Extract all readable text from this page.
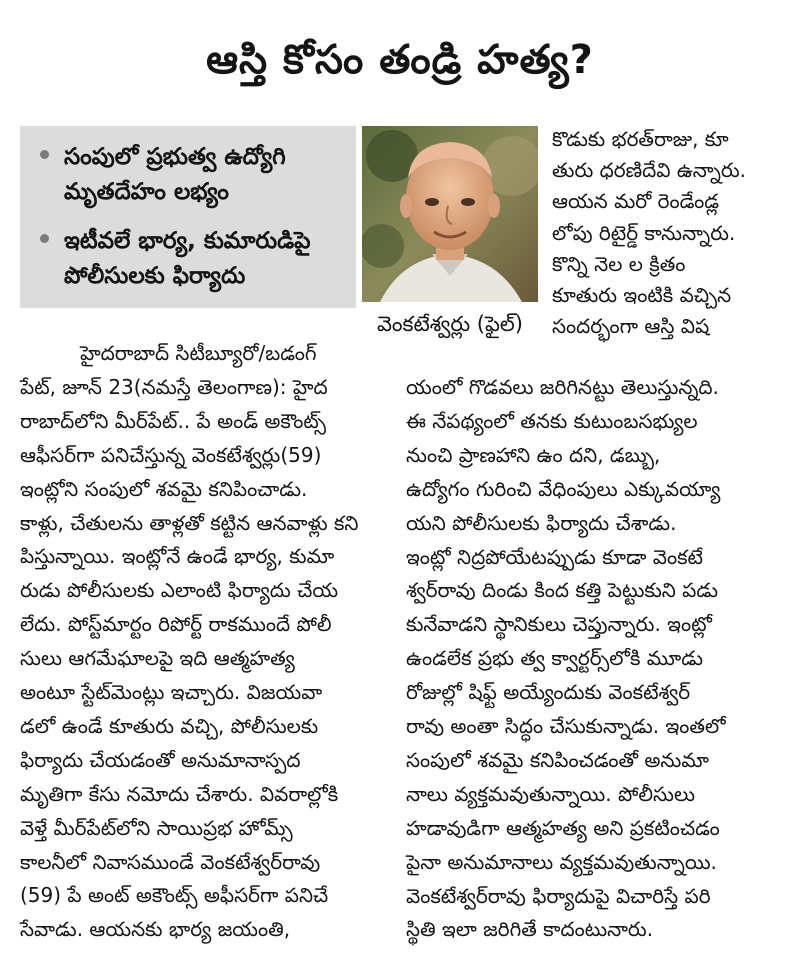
ఆస్తి కోసం తండ్రి హత్య?
సంపులో ప్రభుత్వ ఉద్యోగి
మృతదేహం లభ్యం
ఇటీవలే భార్య, కుమారుడిపై
పోలీసులకు ఫిర్యాదు
వెంకటేశ్వర్లు (ఫైల్)
హైదరాబాద్ సిటీబ్యూరో/బడంగ్
పేట్, జూన్ 23(నమస్తే తెలంగాణ): హైద
రాబాద్‌లోని మీర్‌పేట్.. పే అండ్ అకౌంట్స్
ఆఫీసర్‌గా పనిచేస్తున్న వెంకటేశ్వర్లు(59)
ఇంట్లోని సంపులో శవమై కనిపించాడు.
కాళ్లు, చేతులను తాళ్లతో కట్టిన ఆనవాళ్లు కని
పిస్తున్నాయి. ఇంట్లోనే ఉండే భార్య, కుమా
రుడు పోలీసులకు ఎలాంటి ఫిర్యాదు చేయ
లేదు. పోస్ట్‌మార్టం రిపోర్ట్ రాకముందే పోలీ
సులు ఆగమేఘాలపై ఇది ఆత్మహత్య
అంటూ స్టేట్‌మెంట్లు ఇచ్చారు. విజయవా
డలో ఉండే కూతురు వచ్చి, పోలీసులకు
ఫిర్యాదు చేయడంతో అనుమానాస్పద
మృతిగా కేసు నమోదు చేశారు. వివరాల్లోకి
వెళ్తే మీర్‌పేట్‌లోని సాయిప్రభ హోమ్స్
కాలనీలో నివాసముండే వెంకటేశ్వర్‌రావు
(59) పే అంట్ అకౌంట్స్ అఫీసర్‌గా పనిచే
సేవాడు. ఆయనకు భార్య జయంతి,
కొడుకు భరత్‌రాజు, కూ
తురు ధరణిదేవి ఉన్నారు.
ఆయన మరో రెండేండ్ల
లోపు రిటైర్డ్ కానున్నారు.
కొన్ని నెల ల క్రితం
కూతురు ఇంటికి వచ్చిన
సందర్భంగా ఆస్తి విష
యంలో గొడవలు జరిగినట్టు తెలుస్తున్నది.
ఈ నేపథ్యంలో తనకు కుటుంబసభ్యుల
నుంచి ప్రాణహాని ఉం దని, డబ్బు,
ఉద్యోగం గురించి వేధింపులు ఎక్కువయ్యా
యని పోలీసులకు ఫిర్యాదు చేశాడు.
ఇంట్లో నిద్రపోయేటప్పుడు కూడా వెంకటే
శ్వర్‌రావు దిండు కింద కత్తి పెట్టుకుని పడు
కునేవాడని స్థానికులు చెప్తున్నారు. ఇంట్లో
ఉండలేక ప్రభు త్వ క్వార్టర్స్‌లోకి మూడు
రోజుల్లో షిఫ్ట్ అయ్యేందుకు వెంకటేశ్వర్
రావు అంతా సిద్ధం చేసుకున్నాడు. ఇంతలో
సంపులో శవమై కనిపించడంతో అనుమా
నాలు వ్యక్తమవుతున్నాయి. పోలీసులు
హడావుడిగా ఆత్మహత్య అని ప్రకటించడం
పైనా అనుమానాలు వ్యక్తమవుతున్నాయి.
వెంకటేశ్వర్‌రావు ఫిర్యాదుపై విచారిస్తే పరి
స్థితి ఇలా జరిగితే కాదంటునారు.
